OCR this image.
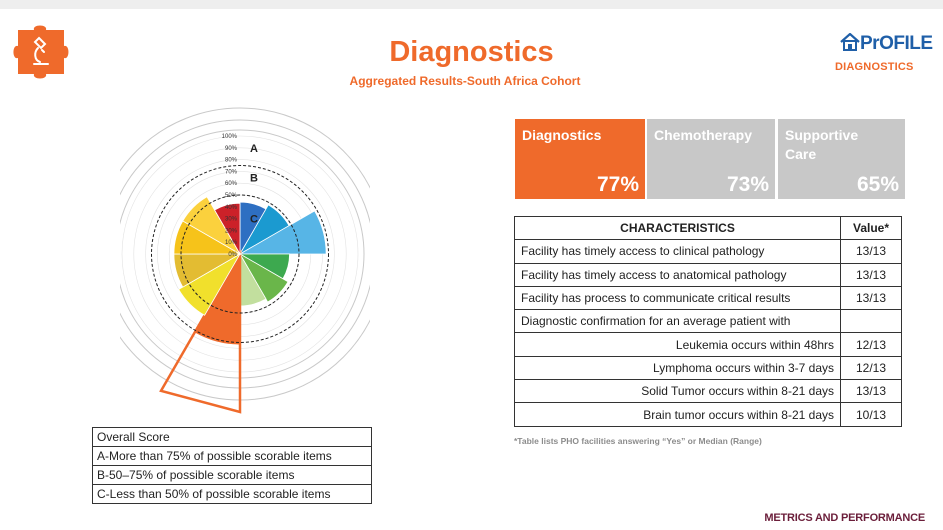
Diagnostics
Aggregated Results-South Africa Cohort
PrOFILE
DIAGNOSTICS
100%
90%
80%
70%
60%
50%
40%
30%
20%
10%
0%
A
B
C
Overall Score
A-More than 75% of possible scorable items
B-50–75% of possible scorable items
C-Less than 50% of possible scorable items
Diagnostics
77%
Chemotherapy
73%
Supportive Care
65%
CHARACTERISTICS	Value*
Facility has timely access to clinical pathology	13/13
Facility has timely access to anatomical pathology	13/13
Facility has process to communicate critical results	13/13
Diagnostic confirmation for an average patient with	
Leukemia occurs within 48hrs	12/13
Lymphoma occurs within 3-7 days	12/13
Solid Tumor occurs within 8-21 days	13/13
Brain tumor occurs within 8-21 days	10/13
*Table lists PHO facilities answering “Yes” or Median (Range)
METRICS AND PERFORMANCE
